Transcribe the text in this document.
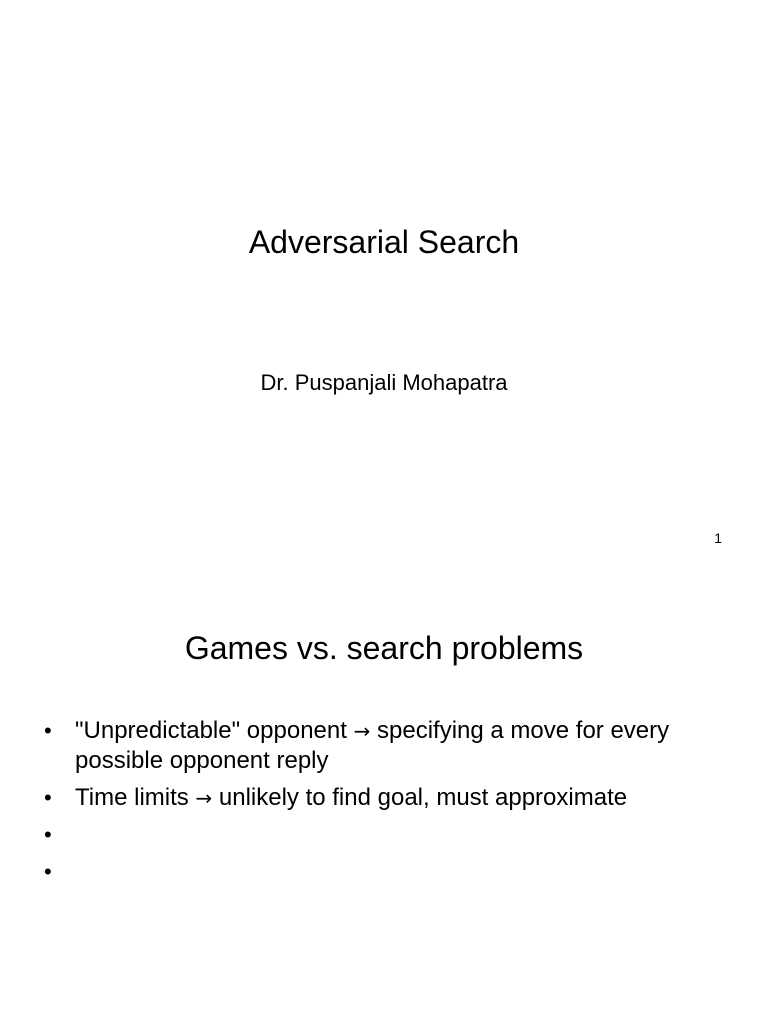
Adversarial Search
Dr. Puspanjali Mohapatra
1
Games vs. search problems
• "Unpredictable" opponent → specifying a move for every possible opponent reply
• Time limits → unlikely to find goal, must approximate
•
•
